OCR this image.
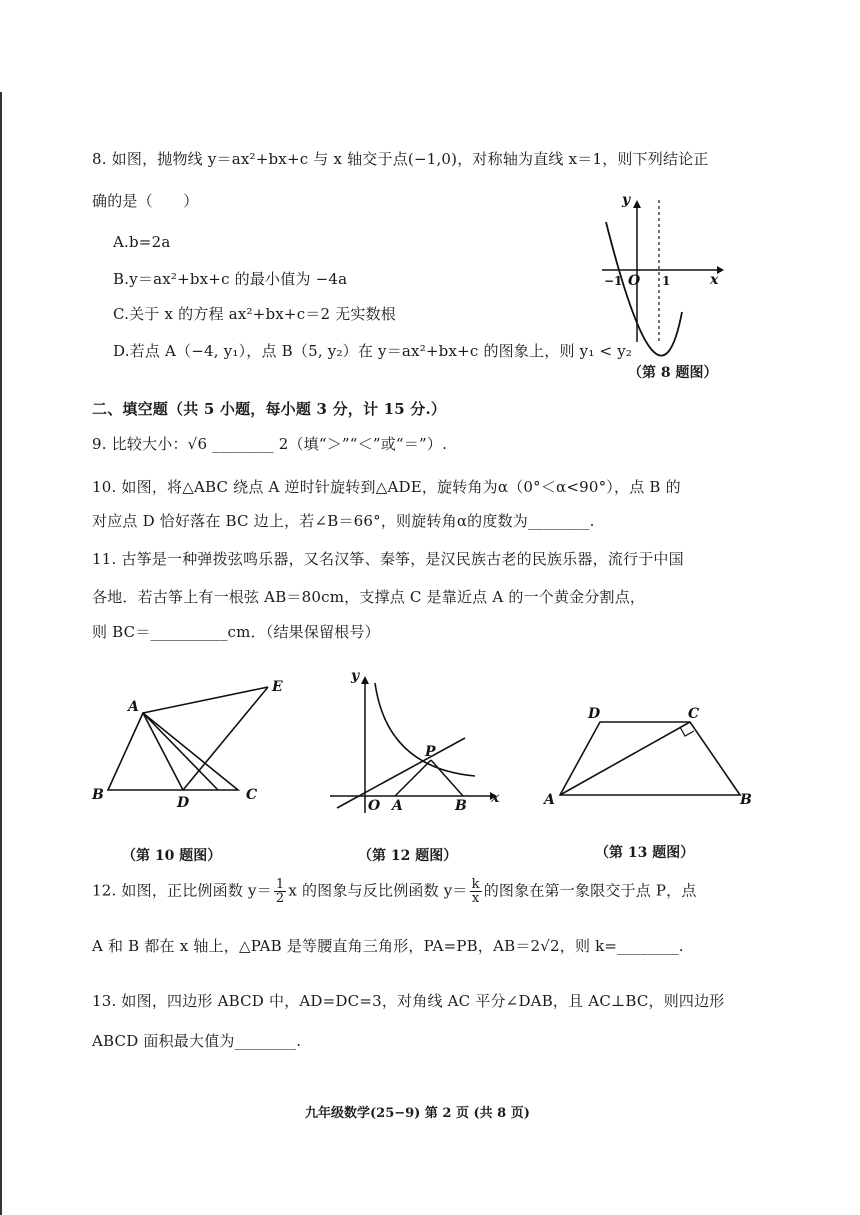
8. 如图，抛物线 y＝ax²+bx+c 与 x 轴交于点(−1,0)，对称轴为直线 x＝1，则下列结论正
确的是（　　）
A.b=2a
B.y＝ax²+bx+c 的最小值为 −4a
C.关于 x 的方程 ax²+bx+c＝2 无实数根
D.若点 A（−4, y₁），点 B（5, y₂）在 y＝ax²+bx+c 的图象上，则 y₁ < y₂
y
x
−1 O 1
（第 8 题图）
二、填空题（共 5 小题，每小题 3 分，计 15 分.）
9. 比较大小：√6 ________ 2（填“＞”“＜”或“＝”）.
10. 如图，将△ABC 绕点 A 逆时针旋转到△ADE，旋转角为α（0°＜α<90°），点 B 的
对应点 D 恰好落在 BC 边上，若∠B＝66°，则旋转角α的度数为________.
11. 古筝是一种弹拨弦鸣乐器，又名汉筝、秦筝，是汉民族古老的民族乐器，流行于中国
各地．若古筝上有一根弦 AB＝80cm，支撑点 C 是靠近点 A 的一个黄金分割点，
则 BC＝__________cm．（结果保留根号）
A
B	C
D
E
（第 10 题图）
y
x
O A	B
P
（第 12 题图）
A	B
C
D
（第 13 题图）
12. 如图，正比例函数 $y= \frac{1}{2}$ x 的图象与反比例函数 $y= \frac{k}{x}$ 的图象在第一象限交于点 P，点
A 和 B 都在 x 轴上，△PAB 是等腰直角三角形，PA=PB，AB＝2√2，则 k=________.
13. 如图，四边形 ABCD 中，AD=DC=3，对角线 AC 平分∠DAB，且 AC⊥BC，则四边形
ABCD 面积最大值为________.
九年级数学(25−9) 第 2 页 (共 8 页)
